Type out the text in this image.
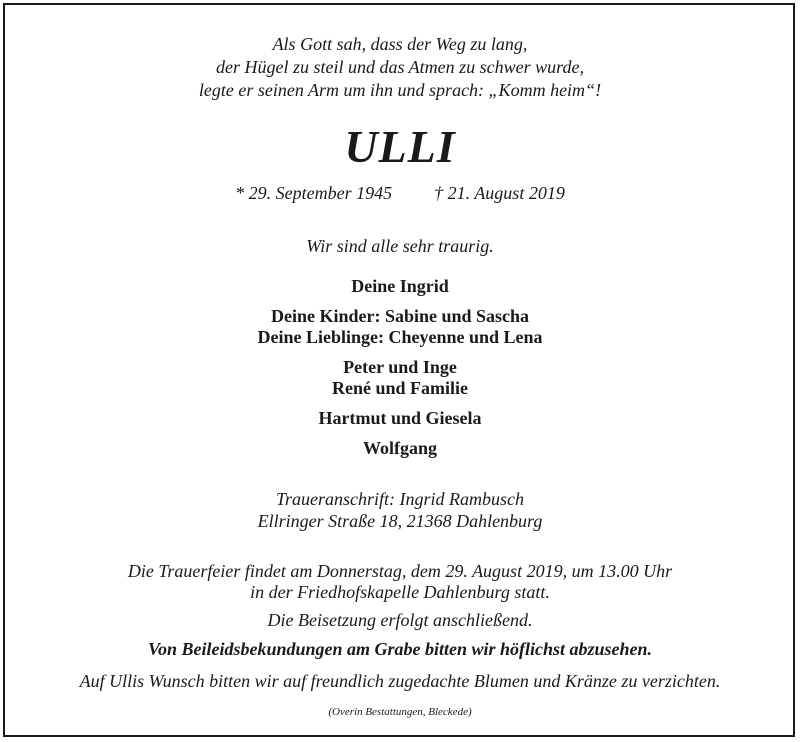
Als Gott sah, dass der Weg zu lang,
der Hügel zu steil und das Atmen zu schwer wurde,
legte er seinen Arm um ihn und sprach: „Komm heim“!
ULLI
* 29. September 1945 † 21. August 2019
Wir sind alle sehr traurig.
Deine Ingrid
Deine Kinder: Sabine und Sascha
Deine Lieblinge: Cheyenne und Lena
Peter und Inge
René und Familie
Hartmut und Giesela
Wolfgang
Traueranschrift: Ingrid Rambusch
Ellringer Straße 18, 21368 Dahlenburg
Die Trauerfeier findet am Donnerstag, dem 29. August 2019, um 13.00 Uhr
in der Friedhofskapelle Dahlenburg statt.
Die Beisetzung erfolgt anschließend.
Von Beileidsbekundungen am Grabe bitten wir höflichst abzusehen.
Auf Ullis Wunsch bitten wir auf freundlich zugedachte Blumen und Kränze zu verzichten.
(Overin Bestattungen, Bleckede)
